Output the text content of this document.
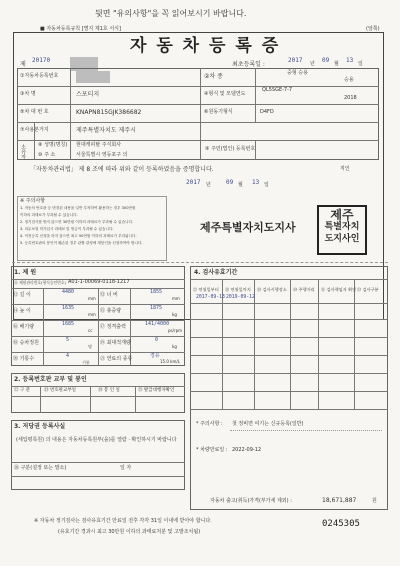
뒷면 "유의사항"을 꼭 읽어보시기 바랍니다.
■ 자동차등록규칙 [별지 제1호 서식]	(앞쪽)
자 동 차 등 록 증
제
20170
최초등록일 :
2017 년 09 월 13 일
①자동차등록번호	②차 종	중형 승용
승용
③차 명	스포티지	④형식 및 모델연도
QL5SGE-7-7
2018
⑤차 대 번 호	KNAPN815GJK386682	⑥원동기형식	D4FD
⑦사용본거지	제주특별자치도 제주시
소유자 ⑧ 성명(명칭) 현대캐피탈 주식회사
⑩ 주 소	서울특별시 영등포구 의
⑨ 주민(법인) 등록번호
「자동차관리법」 제 8 조에 따라 위와 같이 등록하였음을 증명합니다.	직인
2017 년	09 월 13 일
※ 주의사항
1. 자동차 번호판 등 변경된 내용을 일반 부착하여 활용하는 경우 300만원
이하의 과태료가 부과될 수 있습니다.
2. 정기검사를 받지 않으면 30만원 이하의 과태료가 부과될 수 있습니다.
3. 의무보험 미가입시 과태료 및 벌금이 부과될 수 있습니다.
4. 이전등록 신청을 하지 않으면 최고 50만원 이하의 과태료가 부과됩니다.
5. 등록번호판의 봉인이 훼손된 경우 관할 관청에 재봉인을 신청하여야 합니다.
제주특별자치도지사
제주
특별자치
도지사인
1. 제 원
⑪ 제원관리번호(형식승인번호) A01-1-00069-0118-1217
⑫ 길 이	4480
mm
⑬ 너 비	1855
mm
⑭ 높 이	1635
mm
⑮ 총중량	1875
kg
⑯ 배기량	1685
cc
⑰ 정격출력	141/4000
ps/rpm
⑱ 승차정원	5
명
⑲ 최대적재량	0
kg
⑳ 기통수	4
기통
㉑ 연료의 종류	경유
15.0 km/L
2. 등록번호판 교부 및 봉인
㉒ 구 분	㉓ 번호판교부일	㉔ 봉 인 일	㉕ 발급대행자확인
3. 저당권 등록사실
(세입평록원) 의 내용은 자동차등록원부(을)를 열람 · 확인하시기 바랍니다
㉖ 구분(설정 또는 말소)	일 자
4. 검사유효기간
㉗ 연월일부터 ㉘ 연월일까지 ㉙ 검사시행장소 ㉚ 주행거리 ㉛ 검사책임자 확인 ㉜ 검사구분
2017-09-13 2019-09-12
* 주의사항 : 첫 정비면 여기는 신규등록(일반)
* 차량만료일 : 2022-09-12
자동차 출고(취득)가격(부가세 제외) :	18,671,887	원
※ 자동차 정기검사는 검사유효기간 만료일 전후 각각 31일 이내에 받아야 합니다.
(유효기간 경과시 최고 30만원 이하의 과태료처분 및 고발조치됨)
0245305
